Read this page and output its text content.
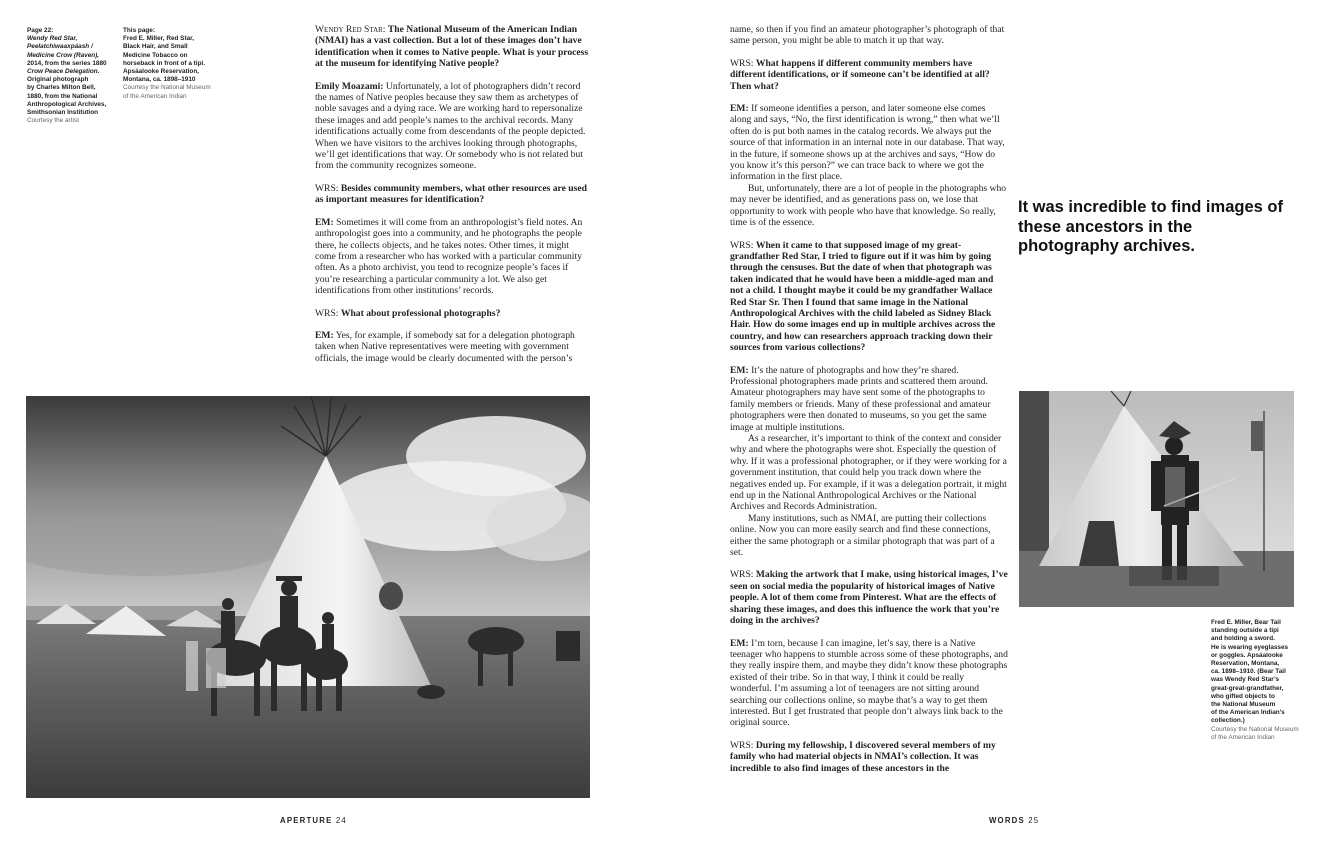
Page 22:
Wendy Red Star,
Peelatchiwaaxpáash /
Medicine Crow (Raven),
2014, from the series 1880
Crow Peace Delegation.
Original photograph
by Charles Milton Bell,
1880, from the National
Anthropological Archives,
Smithsonian Institution
Courtesy the artist
This page:
Fred E. Miller, Red Star,
Black Hair, and Small
Medicine Tobacco on
horseback in front of a tipi.
Apsáalooke Reservation,
Montana, ca. 1898–1910
Courtesy the National Museum
of the American Indian

Wendy Red Star: The National Museum of the American Indian (NMAI) has a vast collection. But a lot of these images don’t have identification when it comes to Native people. What is your process at the museum for identifying Native people?

Emily Moazami: Unfortunately, a lot of photographers didn’t record the names of Native peoples because they saw them as archetypes of noble savages and a dying race. We are working hard to repersonalize these images and add people’s names to the archival records. Many identifications actually come from descendants of the people depicted. When we have visitors to the archives looking through photographs, we’ll get identifications that way. Or somebody who is not related but from the community recognizes someone.

WRS: Besides community members, what other resources are used as important measures for identification?

EM: Sometimes it will come from an anthropologist’s field notes. An anthropologist goes into a community, and he photographs the people there, he collects objects, and he takes notes. Other times, it might come from a researcher who has worked with a particular community often. As a photo archivist, you tend to recognize people’s faces if you’re researching a particular community a lot. We also get identifications from other institutions’ records.

WRS: What about professional photographs?

EM: Yes, for example, if somebody sat for a delegation photograph taken when Native representatives were meeting with government officials, the image would be clearly documented with the person’s

APERTURE 24

name, so then if you find an amateur photographer’s photograph of that same person, you might be able to match it up that way.

WRS: What happens if different community members have different identifications, or if someone can’t be identified at all? Then what?

EM: If someone identifies a person, and later someone else comes along and says, “No, the first identification is wrong,” then what we’ll often do is put both names in the catalog records. We always put the source of that information in an internal note in our database. That way, in the future, if someone shows up at the archives and says, “How do you know it’s this person?” we can trace back to where we got the information in the first place.

But, unfortunately, there are a lot of people in the photographs who may never be identified, and as generations pass on, we lose that opportunity to work with people who have that knowledge. So really, time is of the essence.

WRS: When it came to that supposed image of my great-grandfather Red Star, I tried to figure out if it was him by going through the censuses. But the date of when that photograph was taken indicated that he would have been a middle-aged man and not a child. I thought maybe it could be my grandfather Wallace Red Star Sr. Then I found that same image in the National Anthropological Archives with the child labeled as Sidney Black Hair. How do some images end up in multiple archives across the country, and how can researchers approach tracking down their sources from various collections?

EM: It’s the nature of photographs and how they’re shared. Professional photographers made prints and scattered them around. Amateur photographers may have sent some of the photographs to family members or friends. Many of these professional and amateur photographers were then donated to museums, so you get the same image at multiple institutions.

As a researcher, it’s important to think of the context and consider why and where the photographs were shot. Especially the question of why. If it was a professional photographer, or if they were working for a government institution, that could help you track down where the negatives ended up. For example, if it was a delegation portrait, it might end up in the National Anthropological Archives or the National Archives and Records Administration.

Many institutions, such as NMAI, are putting their collections online. Now you can more easily search and find these connections, either the same photograph or a similar photograph that was part of a set.

WRS: Making the artwork that I make, using historical images, I’ve seen on social media the popularity of historical images of Native people. A lot of them come from Pinterest. What are the effects of sharing these images, and does this influence the work that you’re doing in the archives?

EM: I’m torn, because I can imagine, let’s say, there is a Native teenager who happens to stumble across some of these photographs, and they really inspire them, and maybe they didn’t know these photographs existed of their tribe. So in that way, I think it could be really wonderful. I’m assuming a lot of teenagers are not sitting around searching our collections online, so maybe that’s a way to get them interested. But I get frustrated that people don’t always link back to the original source.

WRS: During my fellowship, I discovered several members of my family who had material objects in NMAI’s collection. It was incredible to also find images of these ancestors in the

It was incredible to find images of these ancestors in the photography archives.
Fred E. Miller, Bear Tail
standing outside a tipi
and holding a sword.
He is wearing eyeglasses
or goggles. Apsáalooke
Reservation, Montana,
ca. 1898–1910. (Bear Tail
was Wendy Red Star’s
great-great-grandfather,
who gifted objects to
the National Museum
of the American Indian’s
collection.)
Courtesy the National Museum
of the American Indian
WORDS 25
